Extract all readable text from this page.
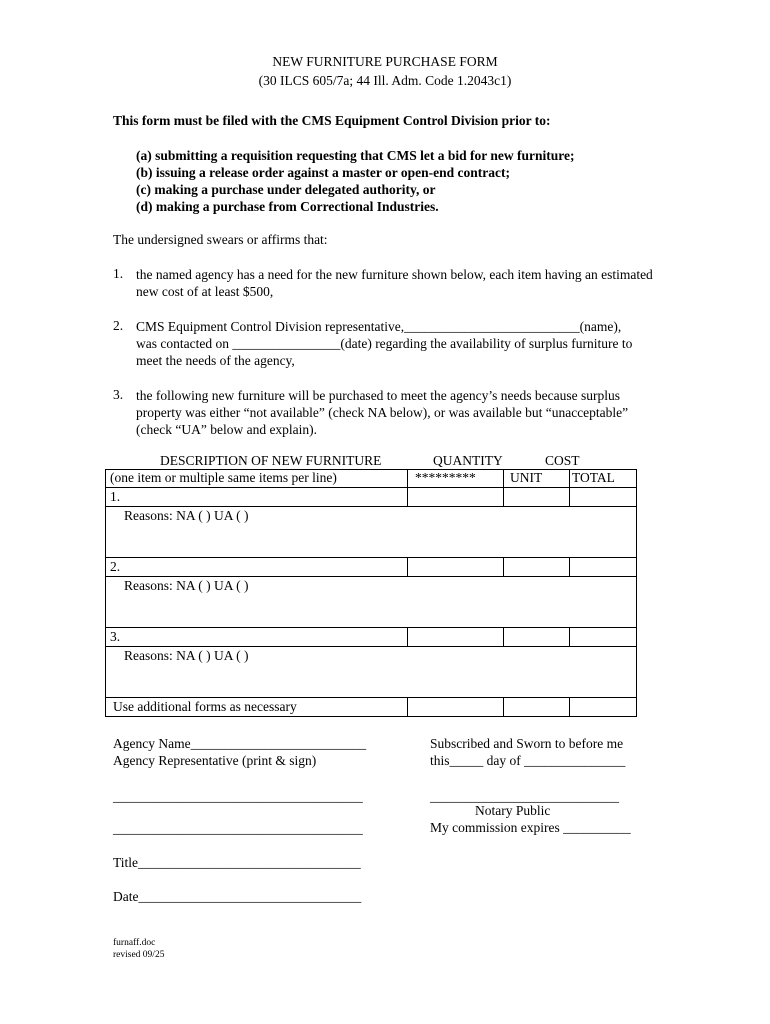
NEW FURNITURE PURCHASE FORM
(30 ILCS 605/7a; 44 Ill. Adm. Code 1.2043c1)
This form must be filed with the CMS Equipment Control Division prior to:
(a) submitting a requisition requesting that CMS let a bid for new furniture;
(b) issuing a release order against a master or open-end contract;
(c) making a purchase under delegated authority, or
(d) making a purchase from Correctional Industries.
The undersigned swears or affirms that:
1. the named agency has a need for the new furniture shown below, each item having an estimated
new cost of at least $500,
2. CMS Equipment Control Division representative,__________________________(name),
was contacted on ________________(date) regarding the availability of surplus furniture to
meet the needs of the agency,
3. the following new furniture will be purchased to meet the agency’s needs because surplus
property was either “not available” (check NA below), or was available but “unacceptable”
(check “UA” below and explain).
DESCRIPTION OF NEW FURNITURE	QUANTITY	COST
(one item or multiple same items per line)	*********	UNIT TOTAL
1.
Reasons: NA ( ) UA ( )
2.
Reasons: NA ( ) UA ( )
3.
Reasons: NA ( ) UA ( )
Use additional forms as necessary
Agency Name__________________________
Agency Representative (print & sign)
_____________________________________
_____________________________________
Title_________________________________
Date_________________________________
Subscribed and Sworn to before me
this_____ day of _______________
____________________________
Notary Public
My commission expires __________
furnaff.doc
revised 09/25
